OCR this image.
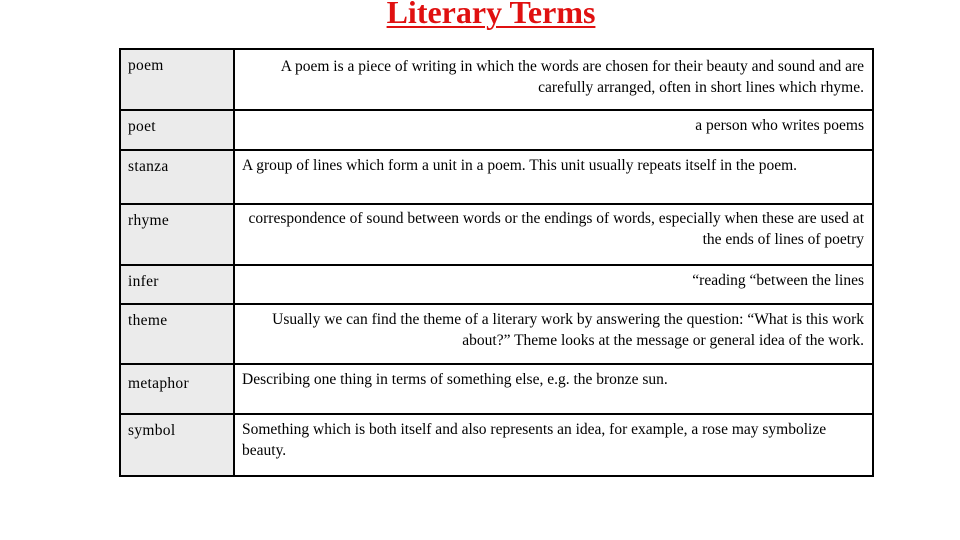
Literary Terms
poem	A poem is a piece of writing in which the words are chosen for their beauty and sound and are carefully arranged, often in short lines which rhyme.
poet	a person who writes poems
stanza	A group of lines which form a unit in a poem. This unit usually repeats itself in the poem.
rhyme	correspondence of sound between words or the endings of words, especially when these are used at the ends of lines of poetry
infer	“reading “between the lines
theme	Usually we can find the theme of a literary work by answering the question: “What is this work about?” Theme looks at the message or general idea of the work.
metaphor	Describing one thing in terms of something else, e.g. the bronze sun.
symbol	Something which is both itself and also represents an idea, for example, a rose may symbolize beauty.
